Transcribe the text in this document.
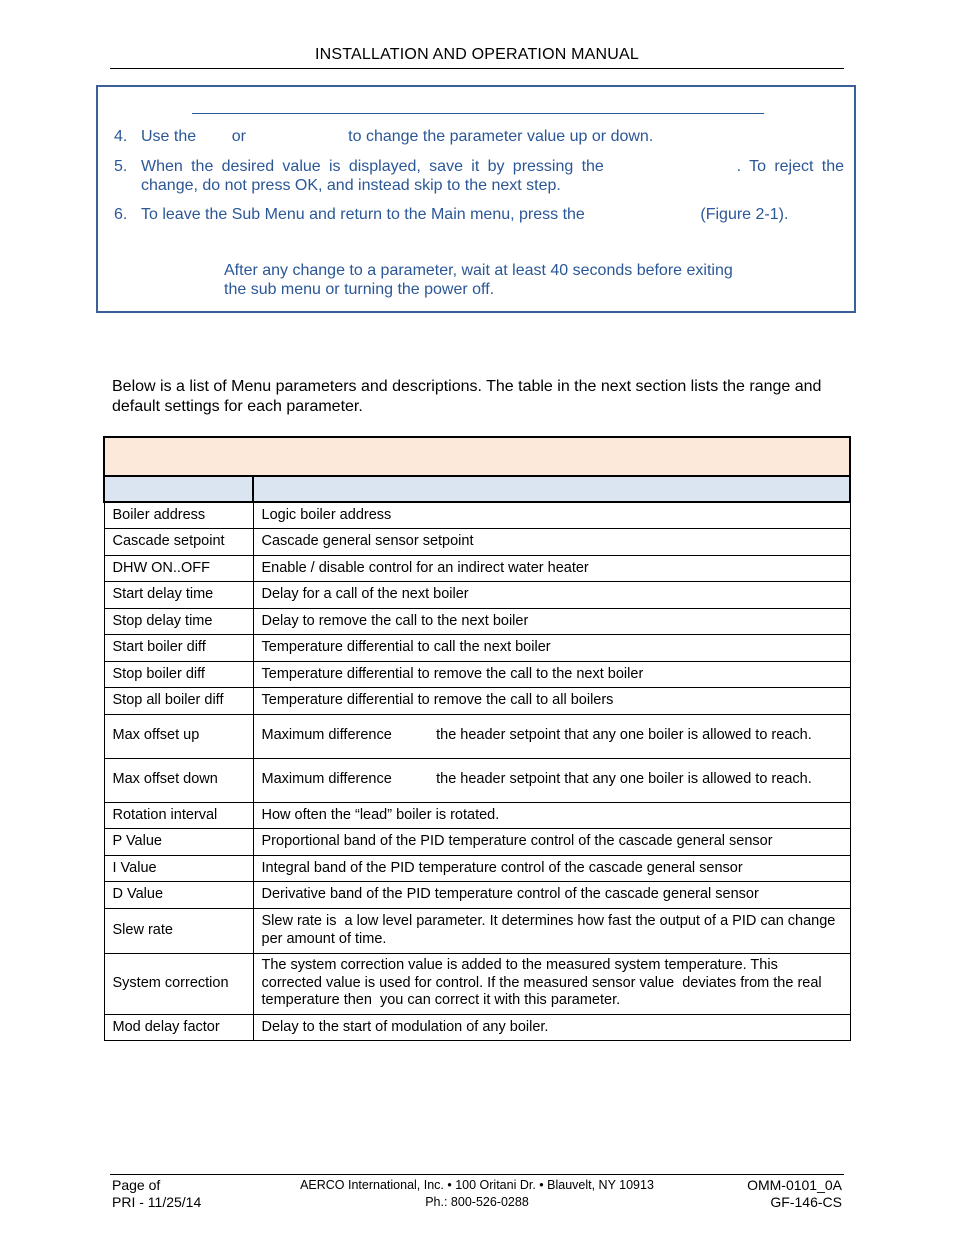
INSTALLATION AND OPERATION MANUAL
4. Use the        or                       to change the parameter value up or down.
5. When the desired value is displayed, save it by pressing the                . To reject the
change, do not press OK, and instead skip to the next step.
6. To leave the Sub Menu and return to the Main menu, press the                          (Figure 2-1).
After any change to a parameter, wait at least 40 seconds before exiting the sub menu or turning the power off.
Below is a list of Menu parameters and descriptions. The table in the next section lists the range and default settings for each parameter.

Boiler address	Logic boiler address
Cascade setpoint	Cascade general sensor setpoint
DHW ON..OFF	Enable / disable control for an indirect water heater
Start delay time	Delay for a call of the next boiler
Stop delay time	Delay to remove the call to the next boiler
Start boiler diff	Temperature differential to call the next boiler
Stop boiler diff	Temperature differential to remove the call to the next boiler
Stop all boiler diff	Temperature differential to remove the call to all boilers
Max offset up	Maximum difference           the header setpoint that any one boiler is allowed to reach.
Max offset down	Maximum difference           the header setpoint that any one boiler is allowed to reach.
Rotation interval	How often the “lead” boiler is rotated.
P Value	Proportional band of the PID temperature control of the cascade general sensor
I Value	Integral band of the PID temperature control of the cascade general sensor
D Value	Derivative band of the PID temperature control of the cascade general sensor
Slew rate	Slew rate is  a low level parameter. It determines how fast the output of a PID can change per amount of time.
System correction	The system correction value is added to the measured system temperature. This corrected value is used for control. If the measured sensor value  deviates from the real temperature then  you can correct it with this parameter.
Mod delay factor	Delay to the start of modulation of any boiler.
Page of
PRI - 11/25/14
AERCO International, Inc. • 100 Oritani Dr. • Blauvelt, NY 10913
Ph.: 800-526-0288
OMM-0101_0A
GF-146-CS
